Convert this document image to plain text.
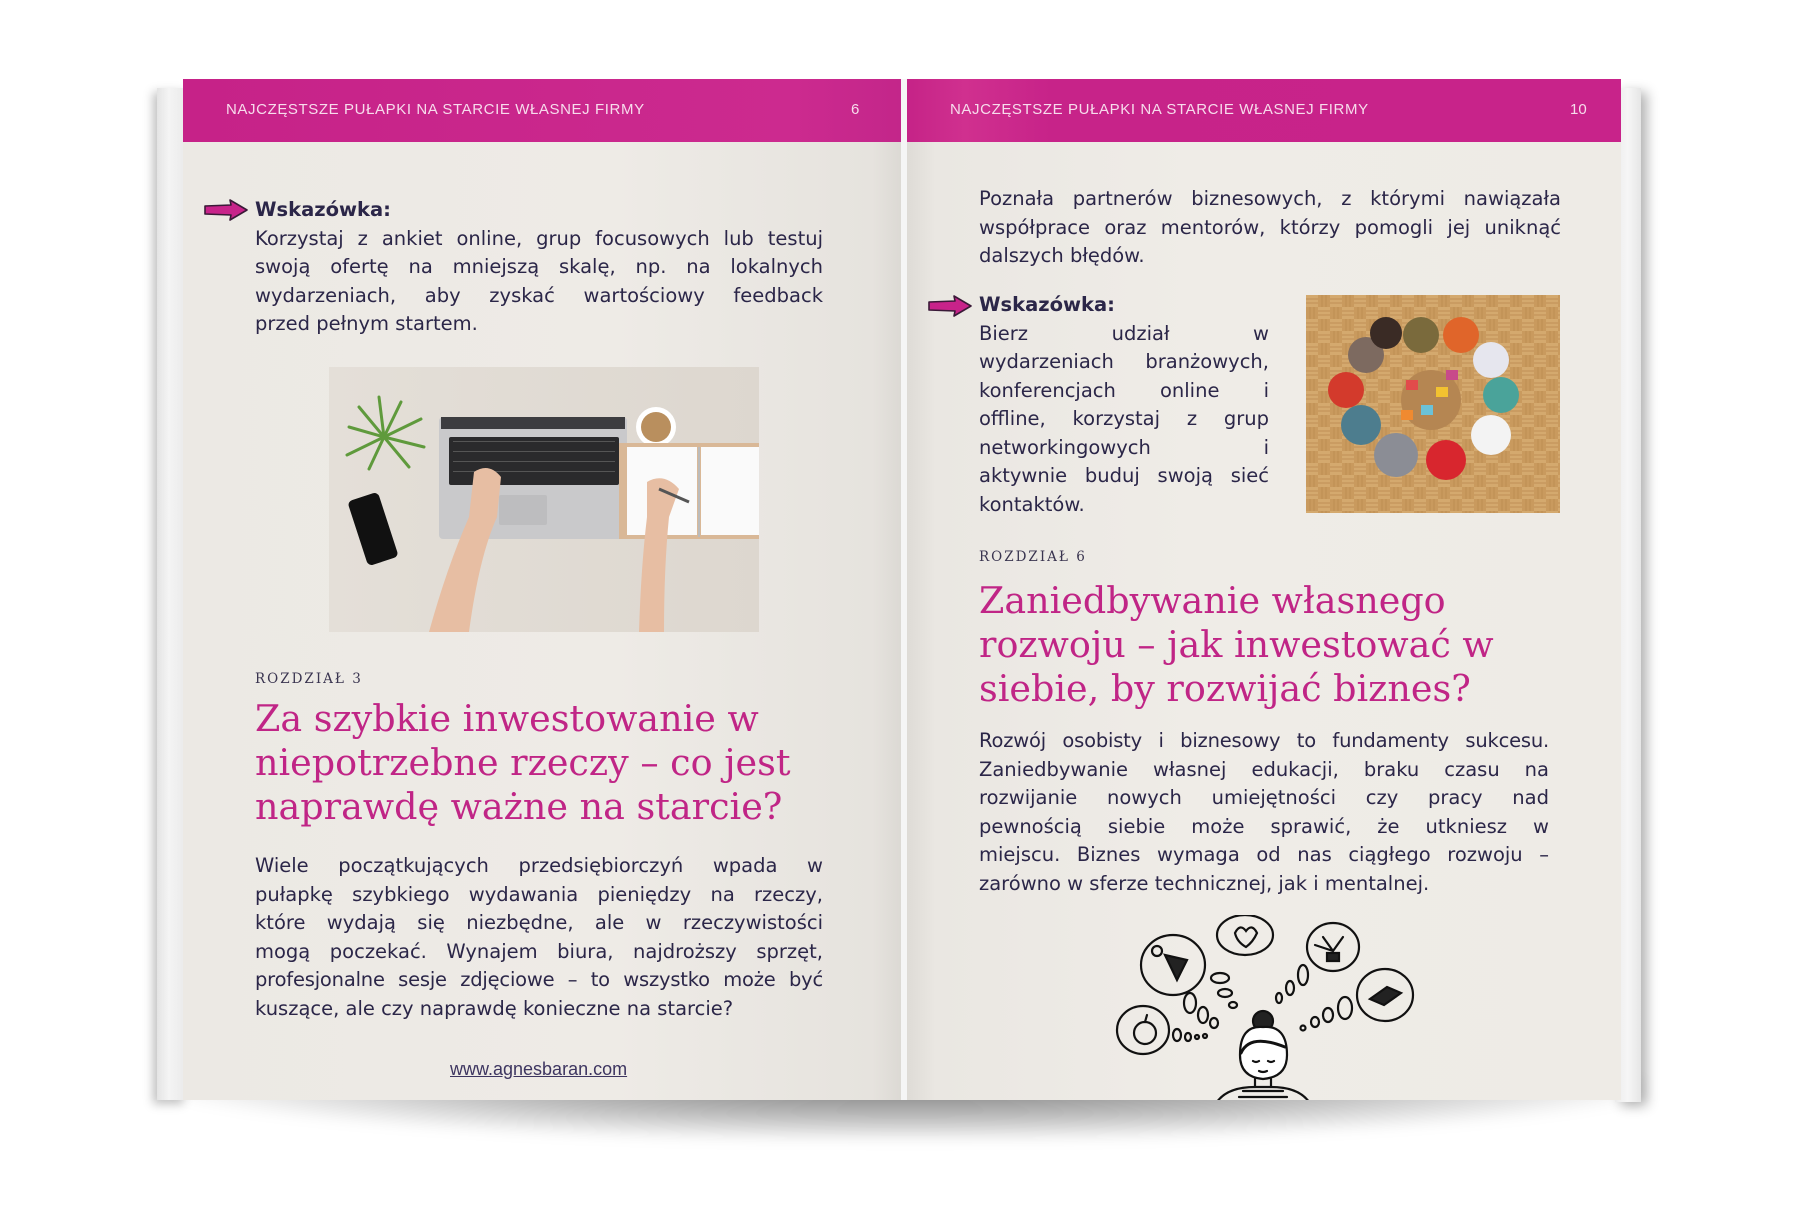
NAJCZĘSTSZE PUŁAPKI NA STARCIE WŁASNEJ FIRMY	6
Wskazówka:
Korzystaj z ankiet online, grup focusowych lub testuj
swoją ofertę na mniejszą skalę, np. na lokalnych
wydarzeniach, aby zyskać wartościowy feedback
przed pełnym startem.
ROZDZIAŁ 3
Za szybkie inwestowanie w
niepotrzebne rzeczy – co jest
naprawdę ważne na starcie?
Wiele początkujących przedsiębiorczyń wpada w
pułapkę szybkiego wydawania pieniędzy na rzeczy,
które wydają się niezbędne, ale w rzeczywistości
mogą poczekać. Wynajem biura, najdroższy sprzęt,
profesjonalne sesje zdjęciowe – to wszystko może być
kuszące, ale czy naprawdę konieczne na starcie?
www.agnesbaran.com
NAJCZĘSTSZE PUŁAPKI NA STARCIE WŁASNEJ FIRMY	10
Poznała partnerów biznesowych, z którymi nawiązała
współprace oraz mentorów, którzy pomogli jej uniknąć
dalszych błędów.
Wskazówka:
Bierz udział w
wydarzeniach branżowych,
konferencjach online i
offline, korzystaj z grup
networkingowych i
aktywnie buduj swoją sieć
kontaktów.
ROZDZIAŁ 6
Zaniedbywanie własnego
rozwoju – jak inwestować w
siebie, by rozwijać biznes?
Rozwój osobisty i biznesowy to fundamenty sukcesu.
Zaniedbywanie własnej edukacji, braku czasu na
rozwijanie nowych umiejętności czy pracy nad
pewnością siebie może sprawić, że utkniesz w
miejscu. Biznes wymaga od nas ciągłego rozwoju –
zarówno w sferze technicznej, jak i mentalnej.
